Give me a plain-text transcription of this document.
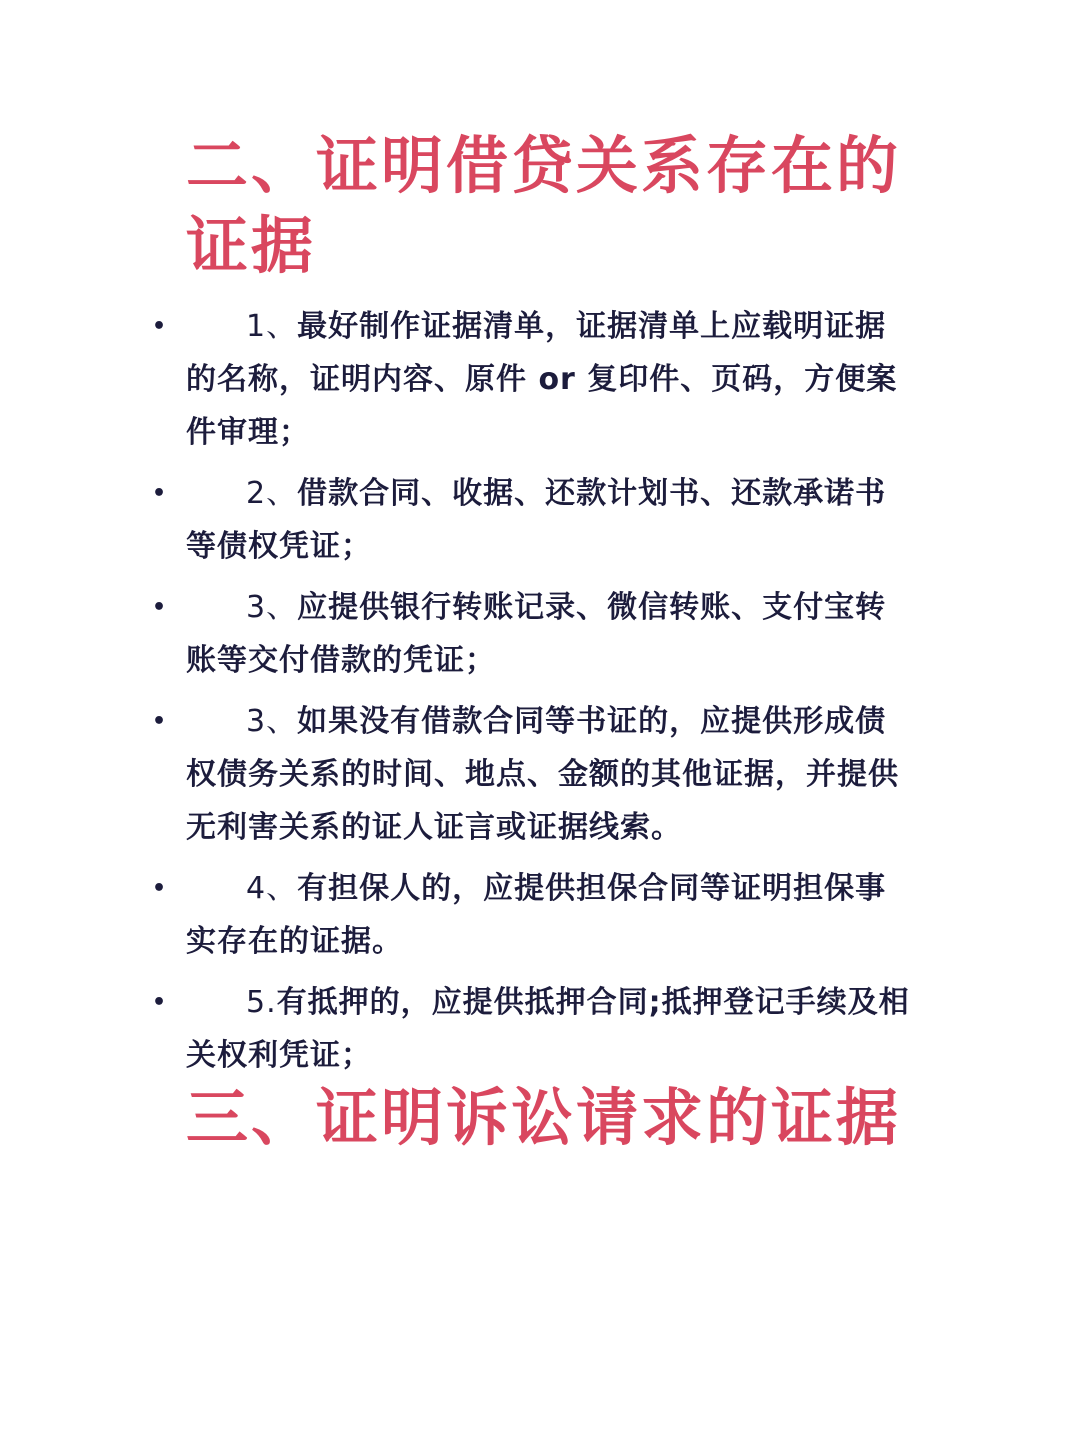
二、证明借贷关系存在的证据
•	1、最好制作证据清单，证据清单上应载明证据的名称，证明内容、原件 or 复印件、页码，方便案件审理；
•	2、借款合同、收据、还款计划书、还款承诺书等债权凭证；
•	3、应提供银行转账记录、微信转账、支付宝转账等交付借款的凭证；
•	3、如果没有借款合同等书证的，应提供形成债权债务关系的时间、地点、金额的其他证据，并提供无利害关系的证人证言或证据线索。
•	4、有担保人的，应提供担保合同等证明担保事实存在的证据。
•	5.有抵押的，应提供抵押合同;抵押登记手续及相关权利凭证；
三、证明诉讼请求的证据
